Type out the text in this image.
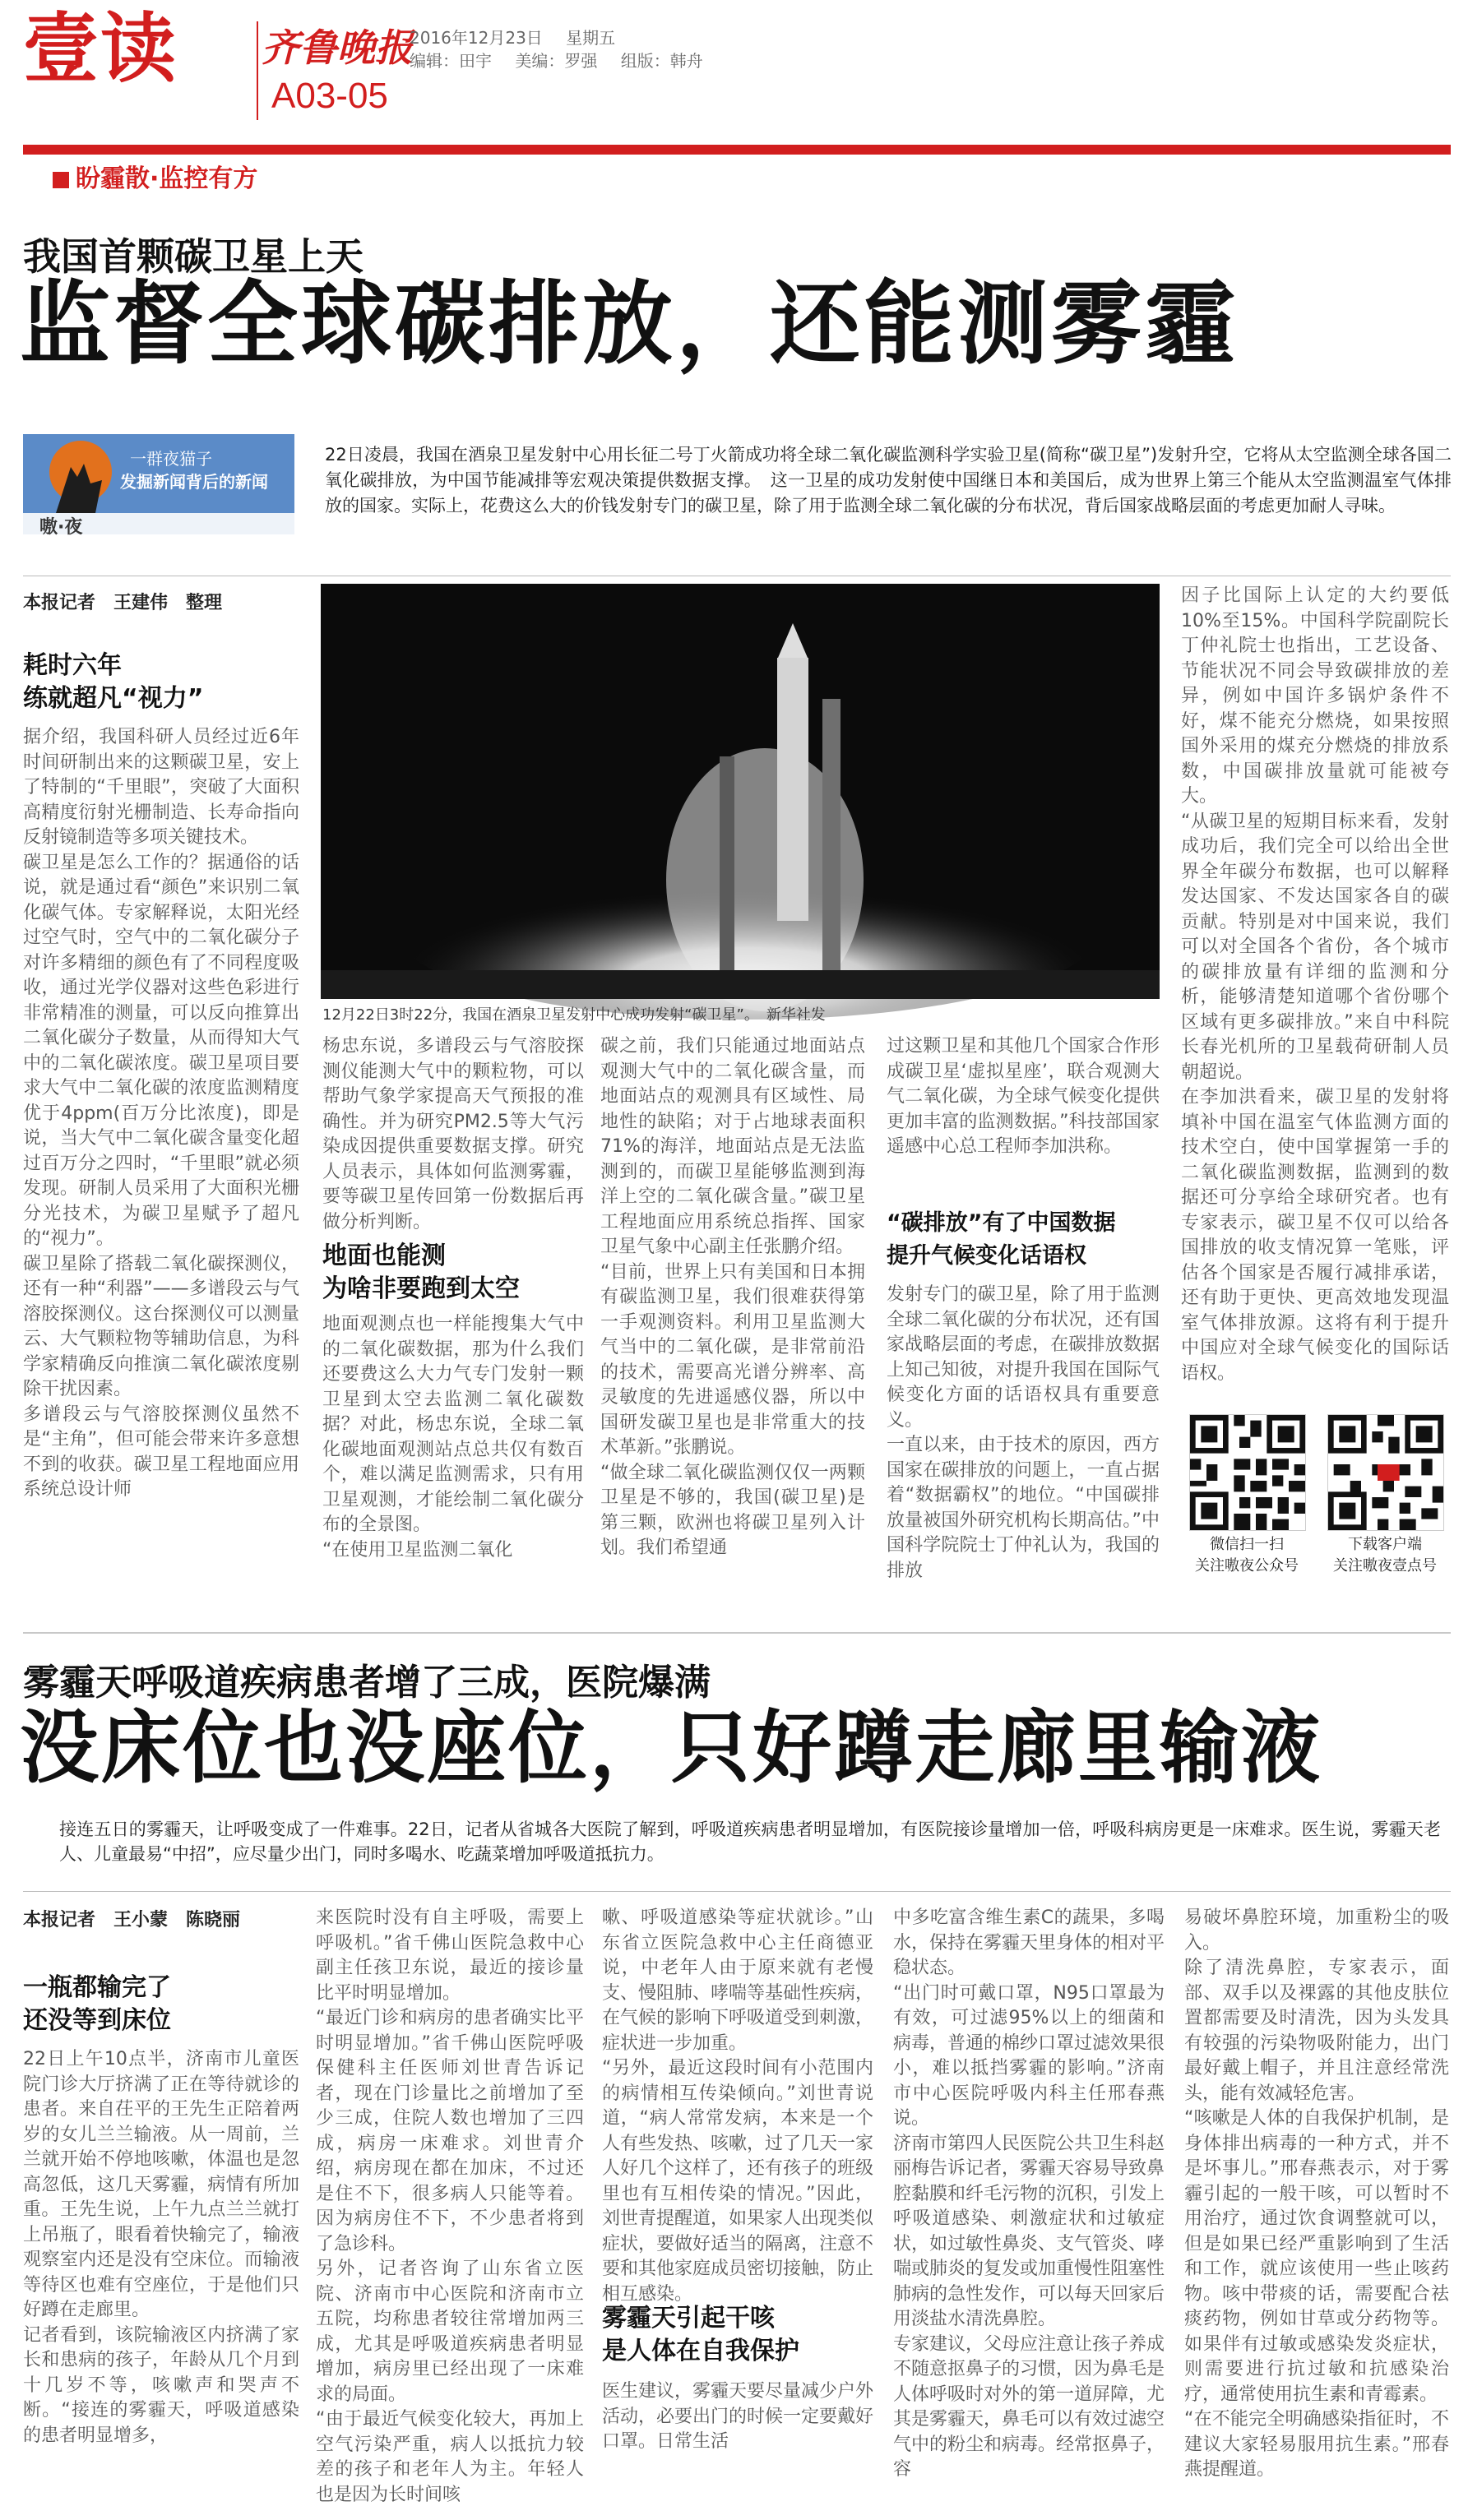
壹读 齐鲁晚报
A03-05
2016年12月23日 星期五
编辑：田宇 美编：罗强 组版：韩舟
盼霾散·监控有方
我国首颗碳卫星上天
监督全球碳排放，还能测雾霾
一群夜猫子
发掘新闻背后的新闻
嗷·夜
22日凌晨，我国在酒泉卫星发射中心用长征二号丁火箭成功将全球二氧化碳监测科学实验卫星(简称“碳卫星”)发射升空，它将从太空监测全球各国二氧化碳排放，为中国节能减排等宏观决策提供数据支撑。　这一卫星的成功发射使中国继日本和美国后，成为世界上第三个能从太空监测温室气体排放的国家。实际上，花费这么大的价钱发射专门的碳卫星，除了用于监测全球二氧化碳的分布状况，背后国家战略层面的考虑更加耐人寻味。
本报记者　王建伟　整理
耗时六年
练就超凡“视力”
据介绍，我国科研人员经过近6年时间研制出来的这颗碳卫星，安上了特制的“千里眼”，突破了大面积高精度衍射光栅制造、长寿命指向反射镜制造等多项关键技术。
碳卫星是怎么工作的？据通俗的话说，就是通过看“颜色”来识别二氧化碳气体。专家解释说，太阳光经过空气时，空气中的二氧化碳分子对许多精细的颜色有了不同程度吸收，通过光学仪器对这些色彩进行非常精准的测量，可以反向推算出二氧化碳分子数量，从而得知大气中的二氧化碳浓度。碳卫星项目要求大气中二氧化碳的浓度监测精度优于4ppm(百万分比浓度)，即是说，当大气中二氧化碳含量变化超过百万分之四时，“千里眼”就必须发现。研制人员采用了大面积光栅分光技术，为碳卫星赋予了超凡的“视力”。
碳卫星除了搭载二氧化碳探测仪，还有一种“利器”——多谱段云与气溶胶探测仪。这台探测仪可以测量云、大气颗粒物等辅助信息，为科学家精确反向推演二氧化碳浓度剔除干扰因素。
多谱段云与气溶胶探测仪虽然不是“主角”，但可能会带来许多意想不到的收获。碳卫星工程地面应用系统总设计师
12月22日3时22分，我国在酒泉卫星发射中心成功发射“碳卫星”。　新华社发
杨忠东说，多谱段云与气溶胶探测仪能测大气中的颗粒物，可以帮助气象学家提高天气预报的准确性。并为研究PM2.5等大气污染成因提供重要数据支撑。研究人员表示，具体如何监测雾霾，要等碳卫星传回第一份数据后再做分析判断。
地面也能测
为啥非要跑到太空
地面观测点也一样能搜集大气中的二氧化碳数据，那为什么我们还要费这么大力气专门发射一颗卫星到太空去监测二氧化碳数据？对此，杨忠东说，全球二氧化碳地面观测站点总共仅有数百个，难以满足监测需求，只有用卫星观测，才能绘制二氧化碳分布的全景图。
“在使用卫星监测二氧化
碳之前，我们只能通过地面站点观测大气中的二氧化碳含量，而地面站点的观测具有区域性、局地性的缺陷；对于占地球表面积71%的海洋，地面站点是无法监测到的，而碳卫星能够监测到海洋上空的二氧化碳含量。”碳卫星工程地面应用系统总指挥、国家卫星气象中心副主任张鹏介绍。
“目前，世界上只有美国和日本拥有碳监测卫星，我们很难获得第一手观测资料。利用卫星监测大气当中的二氧化碳，是非常前沿的技术，需要高光谱分辨率、高灵敏度的先进遥感仪器，所以中国研发碳卫星也是非常重大的技术革新。”张鹏说。
“做全球二氧化碳监测仅仅一两颗卫星是不够的，我国(碳卫星)是第三颗，欧洲也将碳卫星列入计划。我们希望通
过这颗卫星和其他几个国家合作形成碳卫星‘虚拟星座’，联合观测大气二氧化碳，为全球气候变化提供更加丰富的监测数据。”科技部国家遥感中心总工程师李加洪称。
“碳排放”有了中国数据
提升气候变化话语权
发射专门的碳卫星，除了用于监测全球二氧化碳的分布状况，还有国家战略层面的考虑，在碳排放数据上知己知彼，对提升我国在国际气候变化方面的话语权具有重要意义。
一直以来，由于技术的原因，西方国家在碳排放的问题上，一直占据着“数据霸权”的地位。“中国碳排放量被国外研究机构长期高估。”中国科学院院士丁仲礼认为，我国的排放
因子比国际上认定的大约要低10%至15%。中国科学院副院长丁仲礼院士也指出，工艺设备、节能状况不同会导致碳排放的差异，例如中国许多锅炉条件不好，煤不能充分燃烧，如果按照国外采用的煤充分燃烧的排放系数，中国碳排放量就可能被夸大。
“从碳卫星的短期目标来看，发射成功后，我们完全可以给出全世界全年碳分布数据，也可以解释发达国家、不发达国家各自的碳贡献。特别是对中国来说，我们可以对全国各个省份，各个城市的碳排放量有详细的监测和分析，能够清楚知道哪个省份哪个区域有更多碳排放。”来自中科院长春光机所的卫星载荷研制人员朝超说。
在李加洪看来，碳卫星的发射将填补中国在温室气体监测方面的技术空白，使中国掌握第一手的二氧化碳监测数据，监测到的数据还可分享给全球研究者。也有专家表示，碳卫星不仅可以给各国排放的收支情况算一笔账，评估各个国家是否履行减排承诺，还有助于更快、更高效地发现温室气体排放源。这将有利于提升中国应对全球气候变化的国际话语权。
微信扫一扫
关注嗷夜公众号
下载客户端
关注嗷夜壹点号
雾霾天呼吸道疾病患者增了三成，医院爆满
没床位也没座位，只好蹲走廊里输液
接连五日的雾霾天，让呼吸变成了一件难事。22日，记者从省城各大医院了解到，呼吸道疾病患者明显增加，有医院接诊量增加一倍，呼吸科病房更是一床难求。医生说，雾霾天老人、儿童最易“中招”，应尽量少出门，同时多喝水、吃蔬菜增加呼吸道抵抗力。
本报记者　王小蒙　陈晓丽
一瓶都输完了
还没等到床位
22日上午10点半，济南市儿童医院门诊大厅挤满了正在等待就诊的患者。来自茌平的王先生正陪着两岁的女儿兰兰输液。从一周前，兰兰就开始不停地咳嗽，体温也是忽高忽低，这几天雾霾，病情有所加重。王先生说，上午九点兰兰就打上吊瓶了，眼看着快输完了，输液观察室内还是没有空床位。而输液等待区也难有空座位，于是他们只好蹲在走廊里。
记者看到，该院输液区内挤满了家长和患病的孩子，年龄从几个月到十几岁不等，咳嗽声和哭声不断。“接连的雾霾天，呼吸道感染的患者明显增多，
来医院时没有自主呼吸，需要上呼吸机。”省千佛山医院急救中心副主任孩卫东说，最近的接诊量比平时明显增加。
“最近门诊和病房的患者确实比平时明显增加。”省千佛山医院呼吸保健科主任医师刘世青告诉记者，现在门诊量比之前增加了至少三成，住院人数也增加了三四成，病房一床难求。刘世青介绍，病房现在都在加床，不过还是住不下，很多病人只能等着。因为病房住不下，不少患者将到了急诊科。
另外，记者咨询了山东省立医院、济南市中心医院和济南市立五院，均称患者较往常增加两三成，尤其是呼吸道疾病患者明显增加，病房里已经出现了一床难求的局面。
“由于最近气候变化较大，再加上空气污染严重，病人以抵抗力较差的孩子和老年人为主。年轻人也是因为长时间咳
嗽、呼吸道感染等症状就诊。”山东省立医院急救中心主任商德亚说，中老年人由于原来就有老慢支、慢阻肺、哮喘等基础性疾病，在气候的影响下呼吸道受到刺激，症状进一步加重。
“另外，最近这段时间有小范围内的病情相互传染倾向。”刘世青说道，“病人常常发病，本来是一个人有些发热、咳嗽，过了几天一家人好几个这样了，还有孩子的班级里也有互相传染的情况。”因此，刘世青提醒道，如果家人出现类似症状，要做好适当的隔离，注意不要和其他家庭成员密切接触，防止相互感染。
雾霾天引起干咳
是人体在自我保护
医生建议，雾霾天要尽量减少户外活动，必要出门的时候一定要戴好口罩。日常生活
中多吃富含维生素C的蔬果，多喝水，保持在雾霾天里身体的相对平稳状态。
“出门时可戴口罩，N95口罩最为有效，可过滤95%以上的细菌和病毒，普通的棉纱口罩过滤效果很小，难以抵挡雾霾的影响。”济南市中心医院呼吸内科主任邢春燕说。
济南市第四人民医院公共卫生科赵丽梅告诉记者，雾霾天容易导致鼻腔黏膜和纤毛污物的沉积，引发上呼吸道感染、刺激症状和过敏症状，如过敏性鼻炎、支气管炎、哮喘或肺炎的复发或加重慢性阻塞性肺病的急性发作，可以每天回家后用淡盐水清洗鼻腔。
专家建议，父母应注意让孩子养成不随意抠鼻子的习惯，因为鼻毛是人体呼吸时对外的第一道屏障，尤其是雾霾天，鼻毛可以有效过滤空气中的粉尘和病毒。经常抠鼻子，容
易破坏鼻腔环境，加重粉尘的吸入。
除了清洗鼻腔，专家表示，面部、双手以及裸露的其他皮肤位置都需要及时清洗，因为头发具有较强的污染物吸附能力，出门最好戴上帽子，并且注意经常洗头，能有效减轻危害。
“咳嗽是人体的自我保护机制，是身体排出病毒的一种方式，并不是坏事儿。”邢春燕表示，对于雾霾引起的一般干咳，可以暂时不用治疗，通过饮食调整就可以，但是如果已经严重影响到了生活和工作，就应该使用一些止咳药物。咳中带痰的话，需要配合祛痰药物，例如甘草或分药物等。如果伴有过敏或感染发炎症状，则需要进行抗过敏和抗感染治疗，通常使用抗生素和青霉素。
“在不能完全明确感染指征时，不建议大家轻易服用抗生素。”邢春燕提醒道。
